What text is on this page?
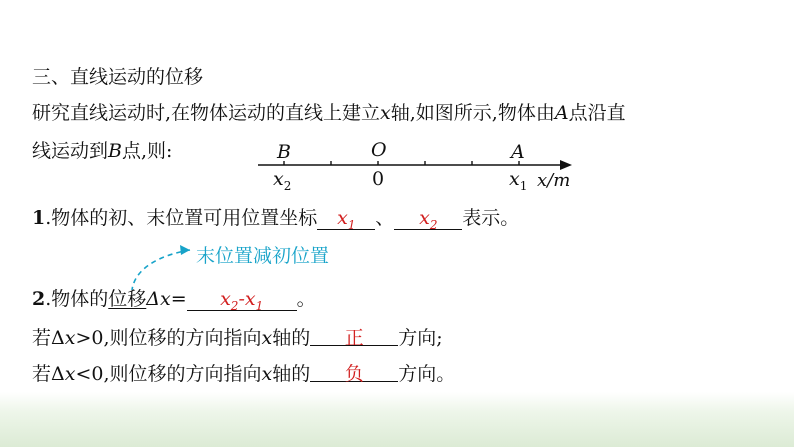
三、直线运动的位移
研究直线运动时,在物体运动的直线上建立x轴,如图所示,物体由A点沿直
线运动到B点,则:	B	O	A
$x_2$	0	$x_1$ x/m
1.物体的初、末位置可用位置坐标 $x_1$ 、 $x_2$ 表示。
末位置减初位置
2.物体的位移$\Delta x= x_2-x_1$ 。
若Δx>0,则位移的方向指向x轴的 正 方向;
若Δx<0,则位移的方向指向x轴的 负 方向。
